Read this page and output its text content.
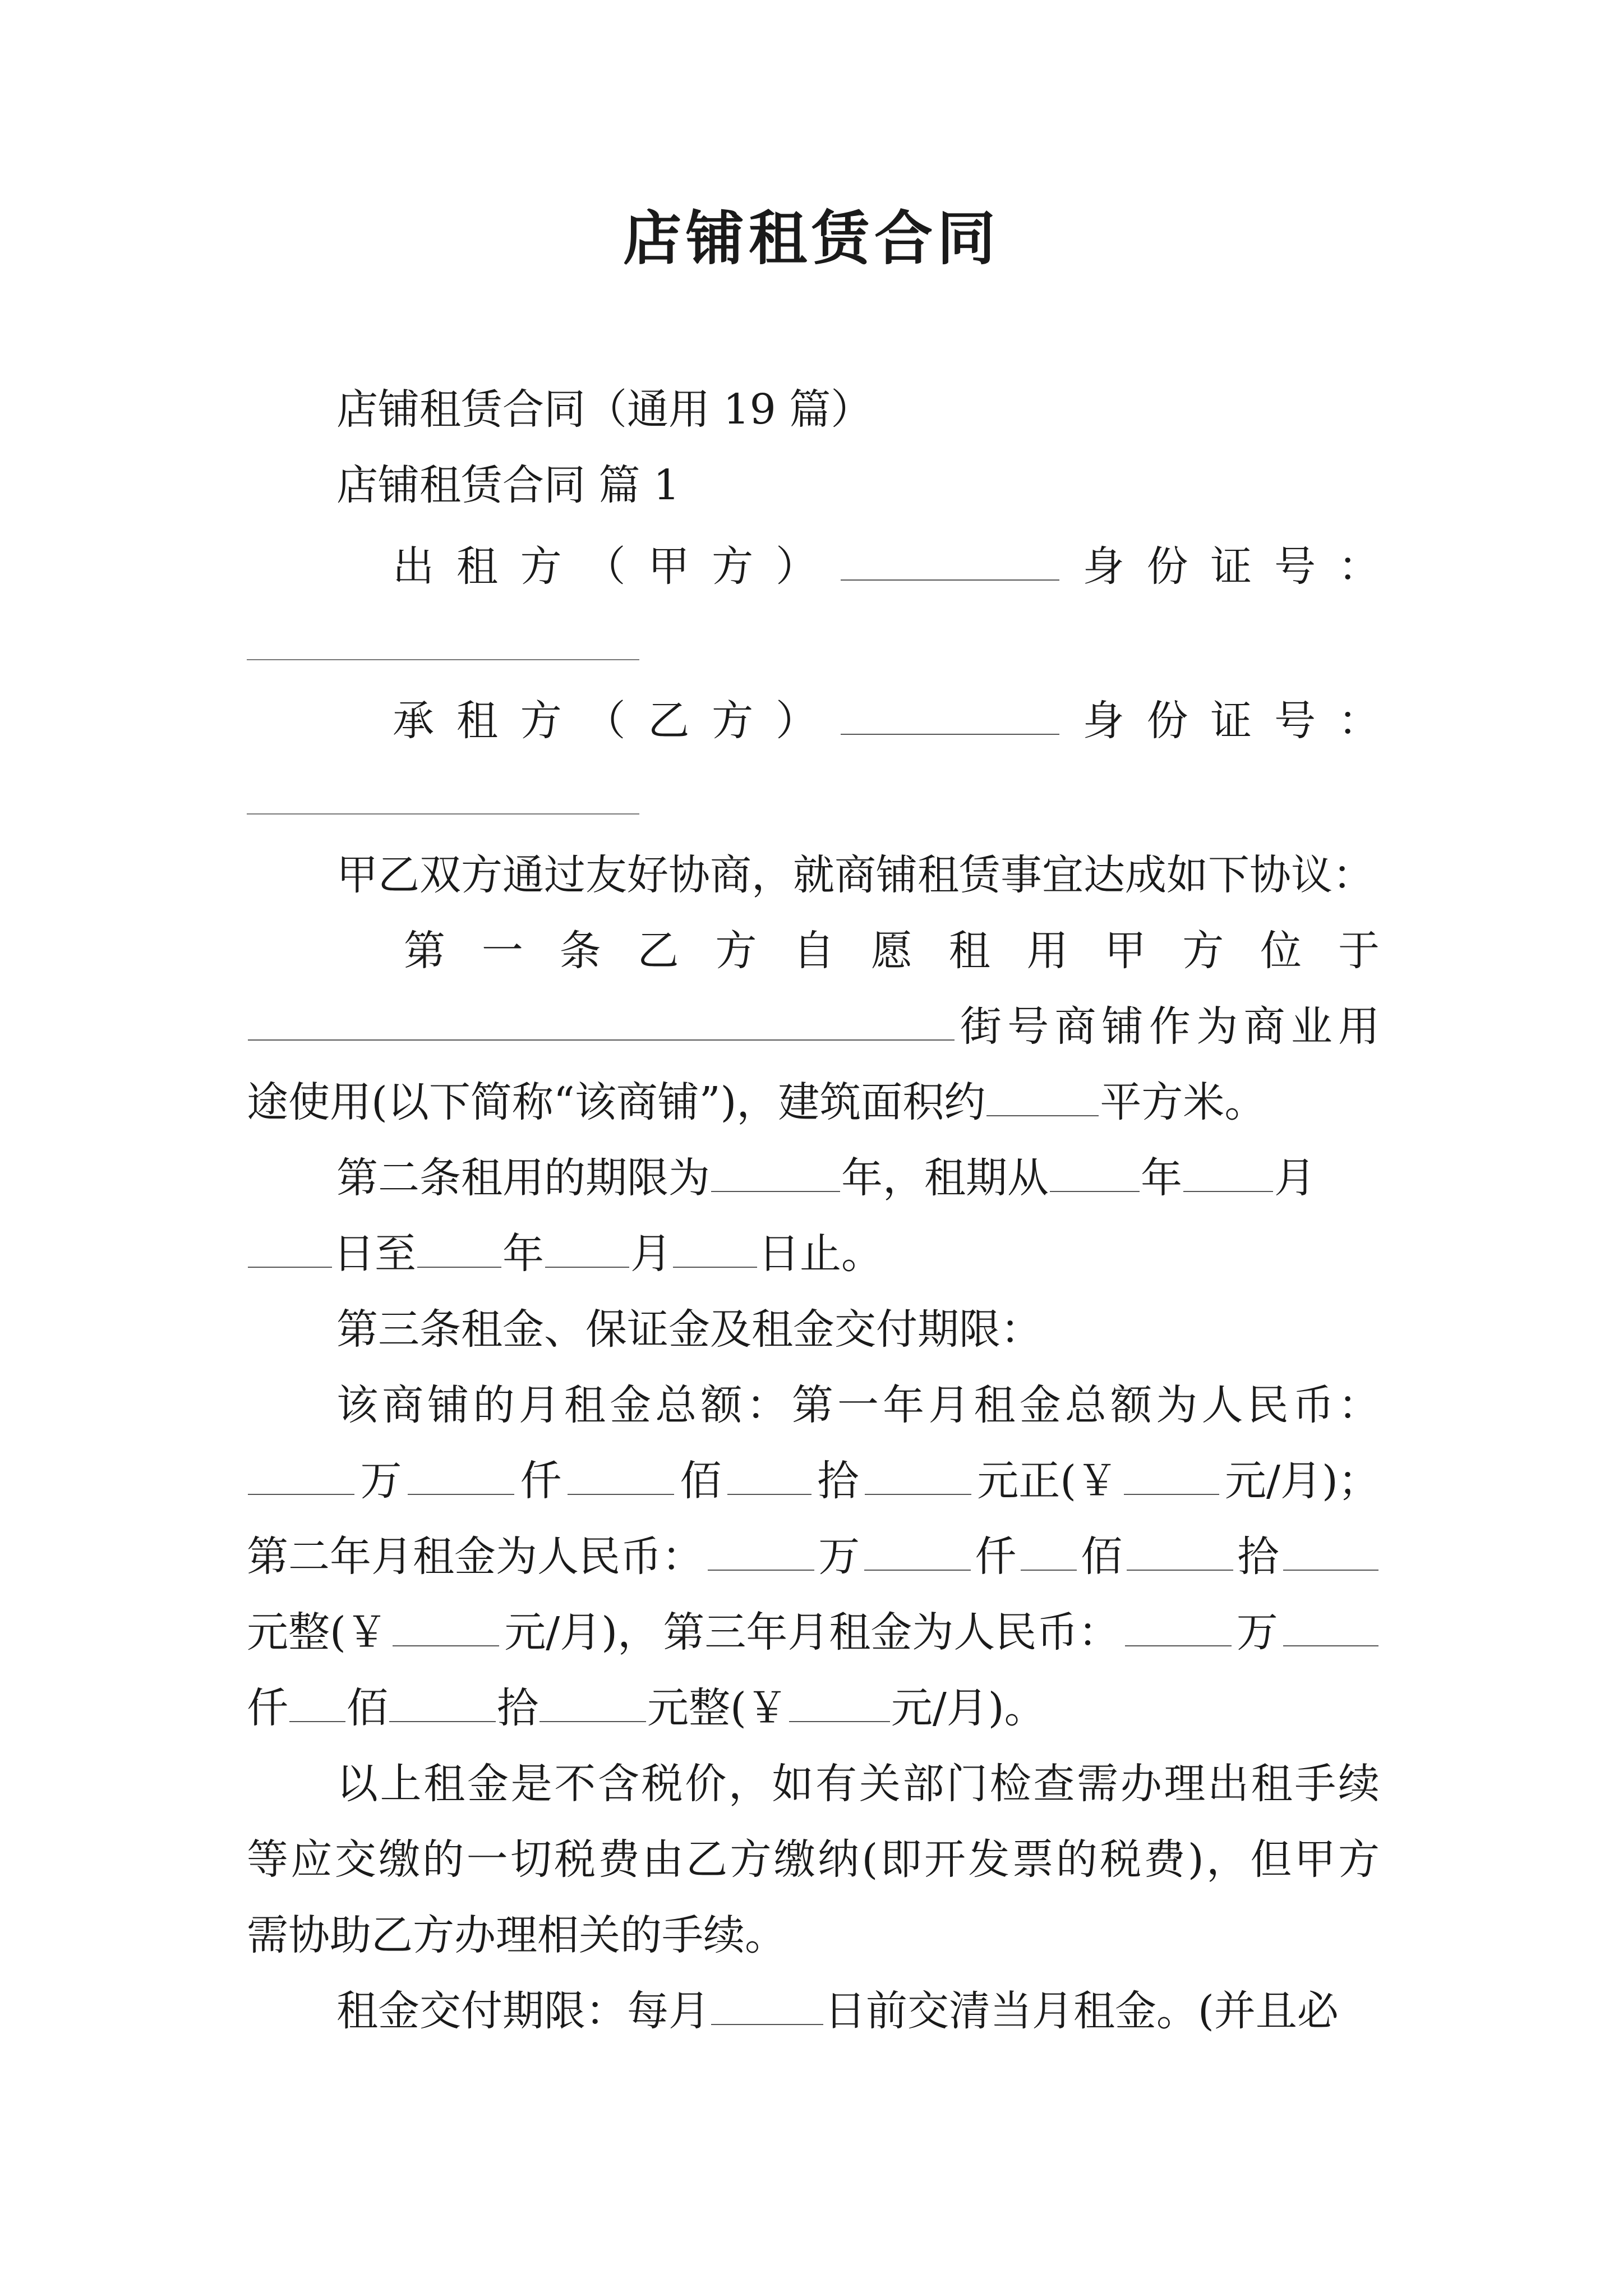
店铺租赁合同
店铺租赁合同（通用 19 篇）
店铺租赁合同 篇 1
出 租 方 （ 甲 方 ）	身 份 证 号 ：
承 租 方 （ 乙 方 ）	身 份 证 号 ：
甲乙双方通过友好协商，就商铺租赁事宜达成如下协议：
第 一 条 乙 方 自 愿 租 用 甲 方 位 于
街号商铺作为商业用
途使用(以下简称“该商铺”)，建筑面积约	平方米。
第二条租用的期限为	年，租期从 年 月
日至 年 月 日止。
第三条租金、保证金及租金交付期限：
该商铺的月租金总额：第一年月租金总额为人民币：
万	仟	佰 拾	元正(￥	元/月)；
第二年月租金为人民币：	万	仟 佰	拾
元整(￥	元/月)， 第三年月租金为人民币：	万
仟 佰	拾	元整(￥ 元/月)。
以上租金是不含税价，如有关部门检查需办理出租手续
等应交缴的一切税费由乙方缴纳(即开发票的税费)，但甲方
需协助乙方办理相关的手续。
租金交付期限：每月	日前交清当月租金。(并且必
